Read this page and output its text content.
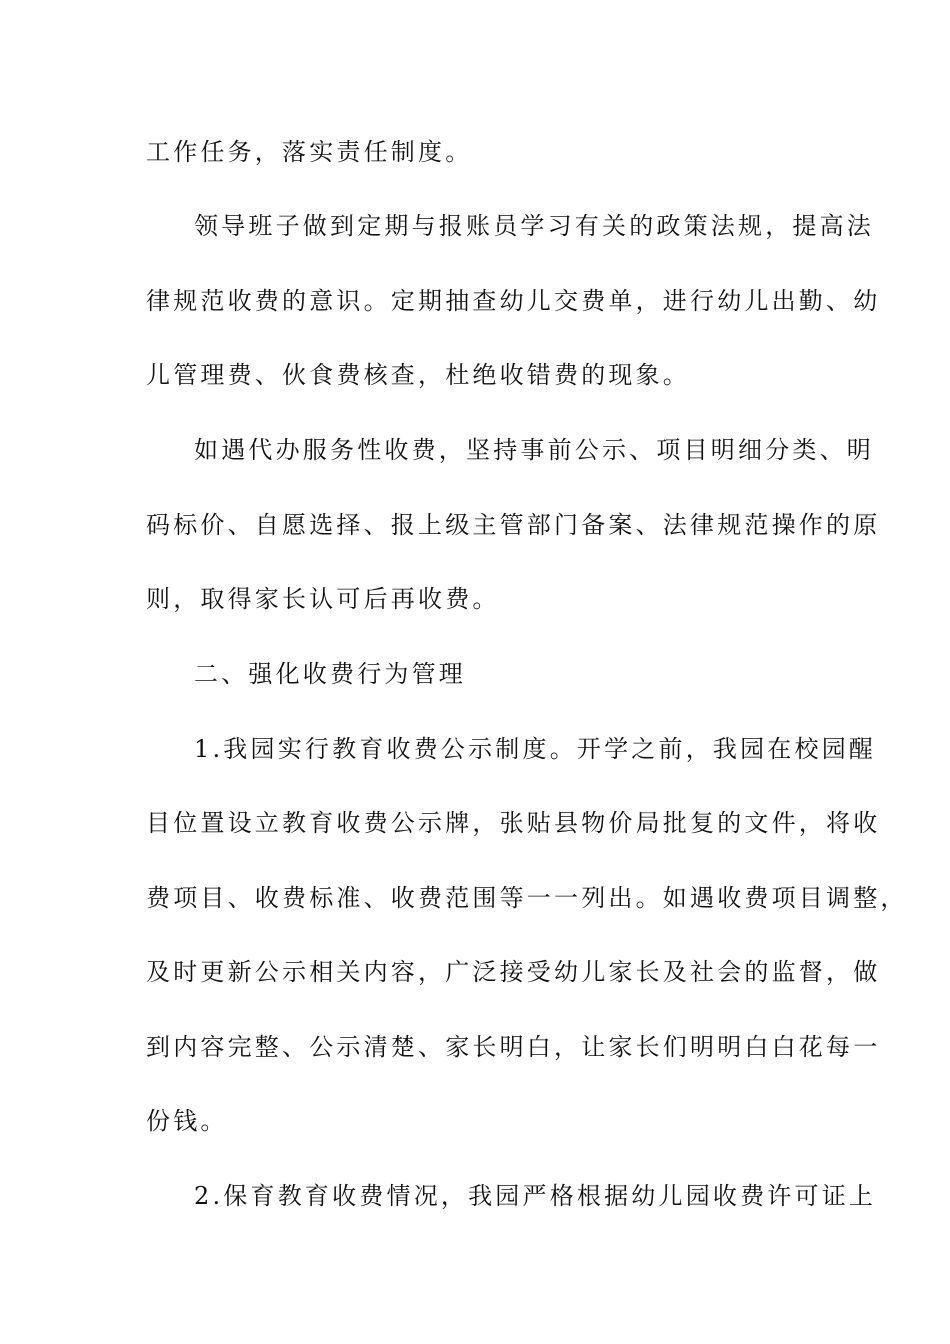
工作任务，落实责任制度。
领导班子做到定期与报账员学习有关的政策法规，提高法
律规范收费的意识。定期抽查幼儿交费单，进行幼儿出勤、幼
儿管理费、伙食费核查，杜绝收错费的现象。
如遇代办服务性收费，坚持事前公示、项目明细分类、明
码标价、自愿选择、报上级主管部门备案、法律规范操作的原
则，取得家长认可后再收费。
二、强化收费行为管理
1.我园实行教育收费公示制度。开学之前，我园在校园醒
目位置设立教育收费公示牌，张贴县物价局批复的文件，将收
费项目、收费标准、收费范围等一一列出。如遇收费项目调整，
及时更新公示相关内容，广泛接受幼儿家长及社会的监督，做
到内容完整、公示清楚、家长明白，让家长们明明白白花每一
份钱。
2.保育教育收费情况，我园严格根据幼儿园收费许可证上
